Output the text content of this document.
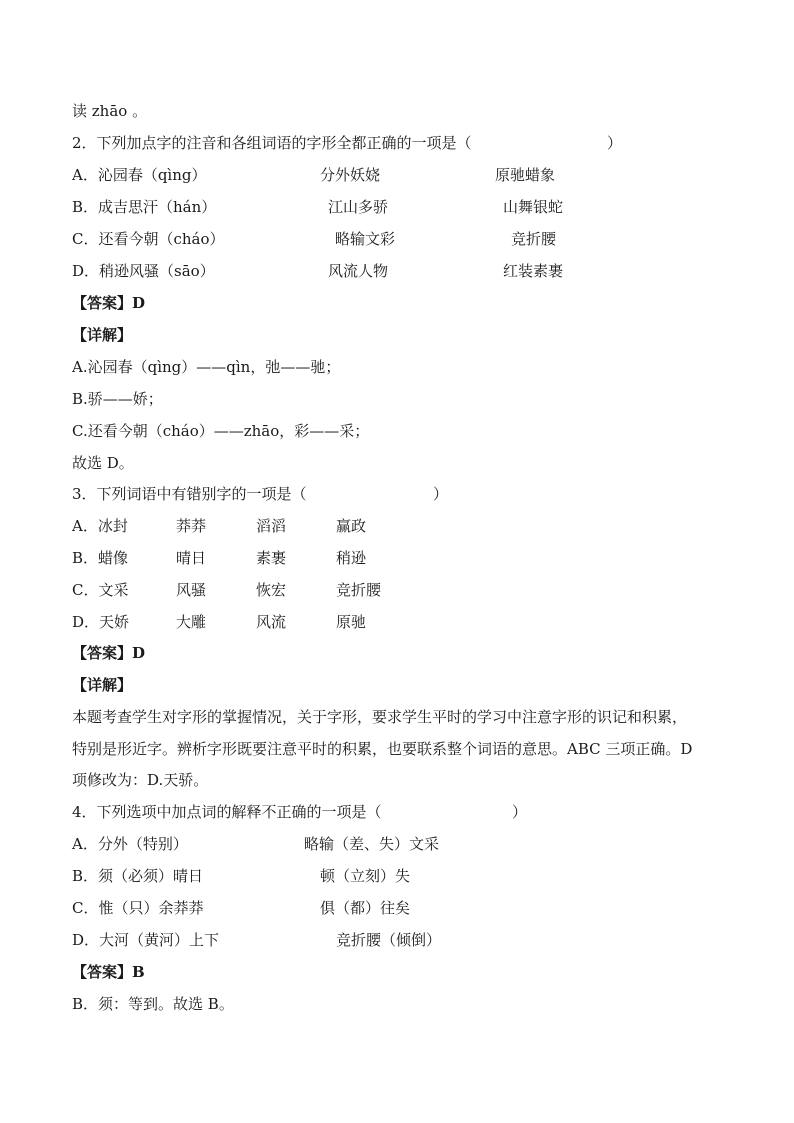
读 zhāo 。
2．下列加点字的注音和各组词语的字形全都正确的一项是（	）
A．沁园春（qìng）	分外妖娆	原驰蜡象
B．成吉思汗（hán）	江山多骄	山舞银蛇
C．还看今朝（cháo）	略输文彩	竞折腰
D．稍逊风骚（sāo）	风流人物	红装素裹
【答案】D
【详解】
A.沁园春（qìng）——qìn，弛——驰；
B.骄——娇；
C.还看今朝（cháo）——zhāo，彩——采；
故选 D。
3．下列词语中有错别字的一项是（	）
A．冰封	莽莽	滔滔	赢政
B．蜡像	晴日	素裹	稍逊
C．文采	风骚	恢宏	竞折腰
D．天娇	大雕	风流	原驰
【答案】D
【详解】
本题考查学生对字形的掌握情况，关于字形，要求学生平时的学习中注意字形的识记和积累，
特别是形近字。辨析字形既要注意平时的积累，也要联系整个词语的意思。ABC 三项正确。D
项修改为：D.天骄。
4．下列选项中加点词的解释不正确的一项是（	）
A．分外（特别）	略输（差、失）文采
B．须（必须）晴日	顿（立刻）失
C．惟（只）余莽莽	俱（都）往矣
D．大河（黄河）上下	竞折腰（倾倒）
【答案】B
B．须：等到。故选 B。
